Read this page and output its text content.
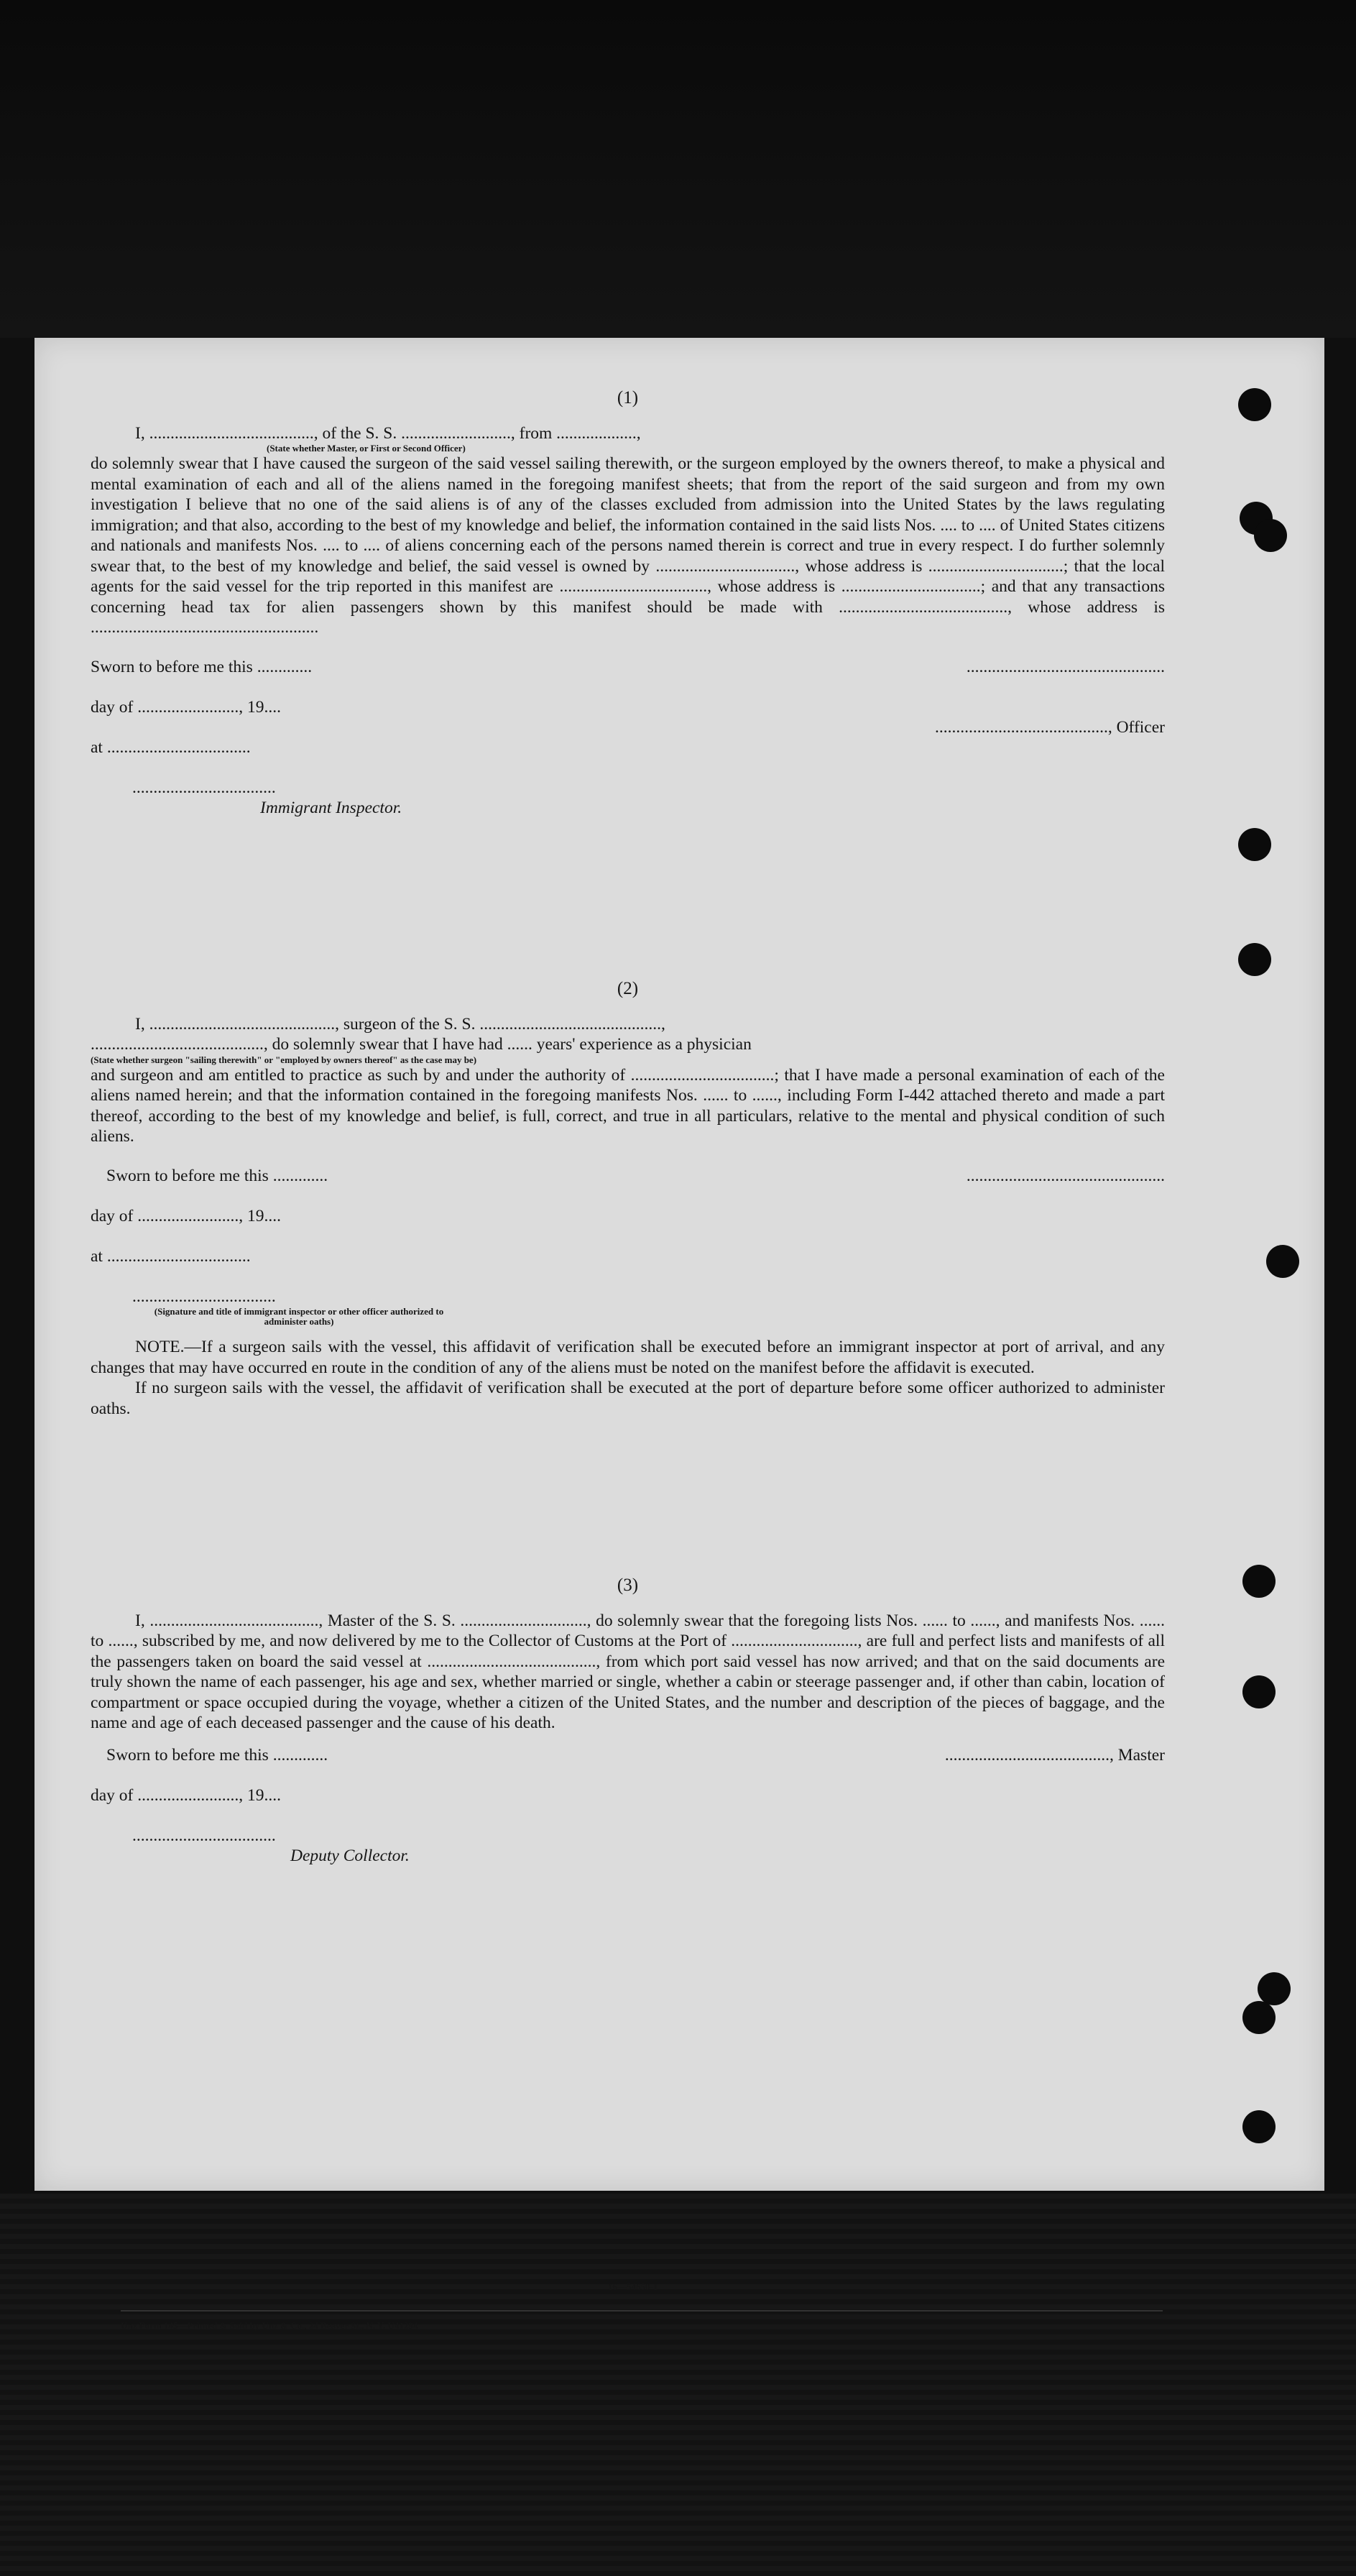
(1)

I, ......................................., of the S. S. .........................., from ...................,

(State whether Master, or First or Second Officer)

do solemnly swear that I have caused the surgeon of the said vessel sailing therewith, or the surgeon employed by the owners thereof, to make a physical and mental examination of each and all of the aliens named in the foregoing manifest sheets; that from the report of the said surgeon and from my own investigation I believe that no one of the said aliens is of any of the classes excluded from admission into the United States by the laws regulating immigration; and that also, according to the best of my knowledge and belief, the information contained in the said lists Nos. .... to .... of United States citizens and nationals and manifests Nos. .... to .... of aliens concerning each of the persons named therein is correct and true in every respect. I do further solemnly swear that, to the best of my knowledge and belief, the said vessel is owned by ................................., whose address is ................................; that the local agents for the said vessel for the trip reported in this manifest are ..................................., whose address is .................................; and that any transactions concerning head tax for alien passengers shown by this manifest should be made with ........................................, whose address is ......................................................

Sworn to before me this .............	...............................................
day of ........................, 19....
........................................., Officer
at ..................................
..................................
Immigrant Inspector.
(2)

I, ............................................, surgeon of the S. S. ...........................................,

........................................., do solemnly swear that I have had ...... years' experience as a physician

(State whether surgeon "sailing therewith" or "employed by owners thereof" as the case may be)

and surgeon and am entitled to practice as such by and under the authority of ..................................; that I have made a personal examination of each of the aliens named herein; and that the information contained in the foregoing manifests Nos. ...... to ......, including Form I-442 attached thereto and made a part thereof, according to the best of my knowledge and belief, is full, correct, and true in all particulars, relative to the mental and physical condition of such aliens.

Sworn to before me this .............	...............................................
day of ........................, 19....
at ..................................
..................................
(Signature and title of immigrant inspector or other officer authorized to administer oaths)

NOTE.—If a surgeon sails with the vessel, this affidavit of verification shall be executed before an immigrant inspector at port of arrival, and any changes that may have occurred en route in the condition of any of the aliens must be noted on the manifest before the affidavit is executed.

If no surgeon sails with the vessel, the affidavit of verification shall be executed at the port of departure before some officer authorized to administer oaths.

(3)

I, ........................................, Master of the S. S. .............................., do solemnly swear that the foregoing lists Nos. ...... to ......, and manifests Nos. ...... to ......, subscribed by me, and now delivered by me to the Collector of Customs at the Port of .............................., are full and perfect lists and manifests of all the passengers taken on board the said vessel at ........................................, from which port said vessel has now arrived; and that on the said documents are truly shown the name of each passenger, his age and sex, whether married or single, whether a cabin or steerage passenger and, if other than cabin, location of compartment or space occupied during the voyage, whether a citizen of the United States, and the number and description of the pieces of baggage, and the name and age of each deceased passenger and the cause of his death.

Sworn to before me this .............	......................................., Master
day of ........................, 19....
..................................
Deputy Collector.
16—54650-1
Unz Form 145—Printed & Sold by Unz & Co., 24 Beaver St., N. Y. U41294
